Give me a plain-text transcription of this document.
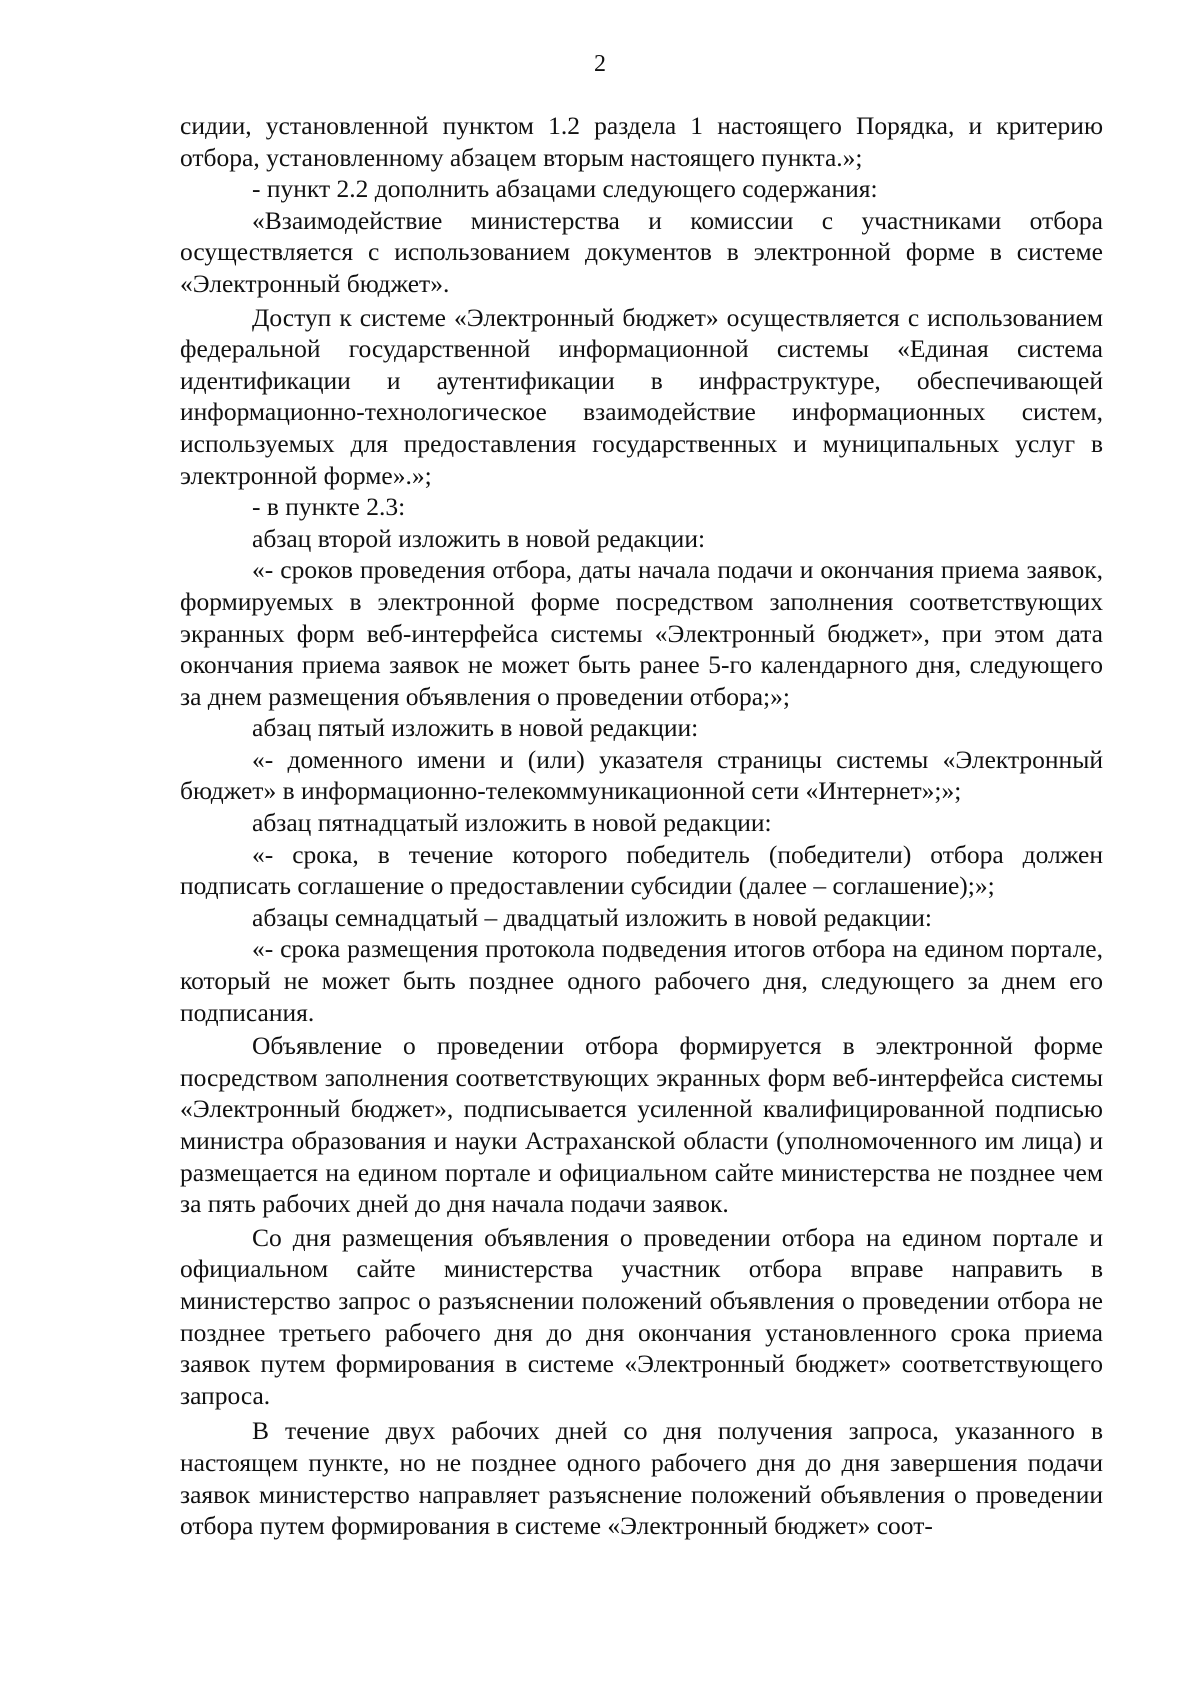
2

сидии, установленной пунктом 1.2 раздела 1 настоящего Порядка, и критерию отбора, установленному абзацем вторым настоящего пункта.»;

- пункт 2.2 дополнить абзацами следующего содержания:

«Взаимодействие министерства и комиссии с участниками отбора осуществляется с использованием документов в электронной форме в системе «Электронный бюджет».

Доступ к системе «Электронный бюджет» осуществляется с использованием федеральной государственной информационной системы «Единая система идентификации и аутентификации в инфраструктуре, обеспечивающей информационно-технологическое взаимодействие информационных систем, используемых для предоставления государственных и муниципальных услуг в электронной форме».»;

- в пункте 2.3:

абзац второй изложить в новой редакции:

«- сроков проведения отбора, даты начала подачи и окончания приема заявок, формируемых в электронной форме посредством заполнения соответствующих экранных форм веб-интерфейса системы «Электронный бюджет», при этом дата окончания приема заявок не может быть ранее 5-го календарного дня, следующего за днем размещения объявления о проведении отбора;»;

абзац пятый изложить в новой редакции:

«- доменного имени и (или) указателя страницы системы «Электронный бюджет» в информационно-телекоммуникационной сети «Интернет»;»;

абзац пятнадцатый изложить в новой редакции:

«- срока, в течение которого победитель (победители) отбора должен подписать соглашение о предоставлении субсидии (далее – соглашение);»;

абзацы семнадцатый – двадцатый изложить в новой редакции:

«- срока размещения протокола подведения итогов отбора на едином портале, который не может быть позднее одного рабочего дня, следующего за днем его подписания.

Объявление о проведении отбора формируется в электронной форме посредством заполнения соответствующих экранных форм веб-интерфейса системы «Электронный бюджет», подписывается усиленной квалифицированной подписью министра образования и науки Астраханской области (уполномоченного им лица) и размещается на едином портале и официальном сайте министерства не позднее чем за пять рабочих дней до дня начала подачи заявок.

Со дня размещения объявления о проведении отбора на едином портале и официальном сайте министерства участник отбора вправе направить в министерство запрос о разъяснении положений объявления о проведении отбора не позднее третьего рабочего дня до дня окончания установленного срока приема заявок путем формирования в системе «Электронный бюджет» соответствующего запроса.

В течение двух рабочих дней со дня получения запроса, указанного в настоящем пункте, но не позднее одного рабочего дня до дня завершения подачи заявок министерство направляет разъяснение положений объявления о проведении отбора путем формирования в системе «Электронный бюджет» соот-
